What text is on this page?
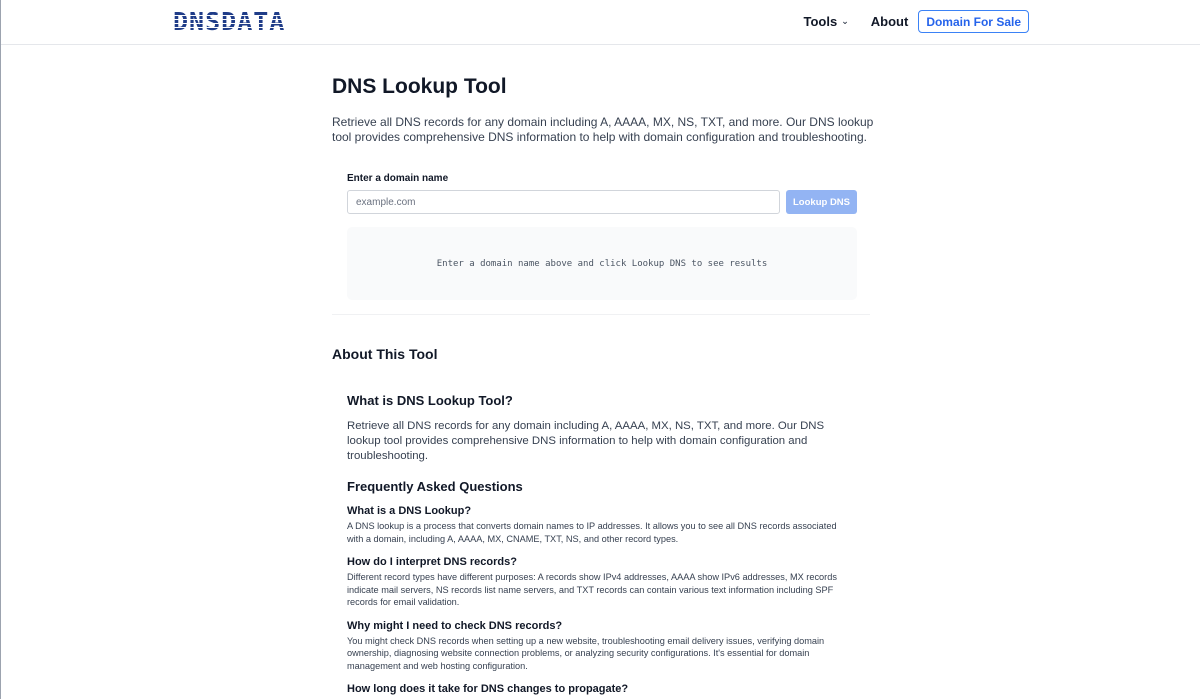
DNSDATA	Tools ⌄ About	Domain For Sale
DNS Lookup Tool

Retrieve all DNS records for any domain including A, AAAA, MX, NS, TXT, and more. Our DNS lookup tool provides comprehensive DNS information to help with domain configuration and troubleshooting.

Enter a domain name
example.com
Lookup DNS
Enter a domain name above and click Lookup DNS to see results
About This Tool
What is DNS Lookup Tool?

Retrieve all DNS records for any domain including A, AAAA, MX, NS, TXT, and more. Our DNS lookup tool provides comprehensive DNS information to help with domain configuration and troubleshooting.

Frequently Asked Questions
What is a DNS Lookup?
A DNS lookup is a process that converts domain names to IP addresses. It allows you to see all DNS records associated with a domain, including A, AAAA, MX, CNAME, TXT, NS, and other record types.
How do I interpret DNS records?
Different record types have different purposes: A records show IPv4 addresses, AAAA show IPv6 addresses, MX records indicate mail servers, NS records list name servers, and TXT records can contain various text information including SPF records for email validation.
Why might I need to check DNS records?
You might check DNS records when setting up a new website, troubleshooting email delivery issues, verifying domain ownership, diagnosing website connection problems, or analyzing security configurations. It's essential for domain management and web hosting configuration.
How long does it take for DNS changes to propagate?
